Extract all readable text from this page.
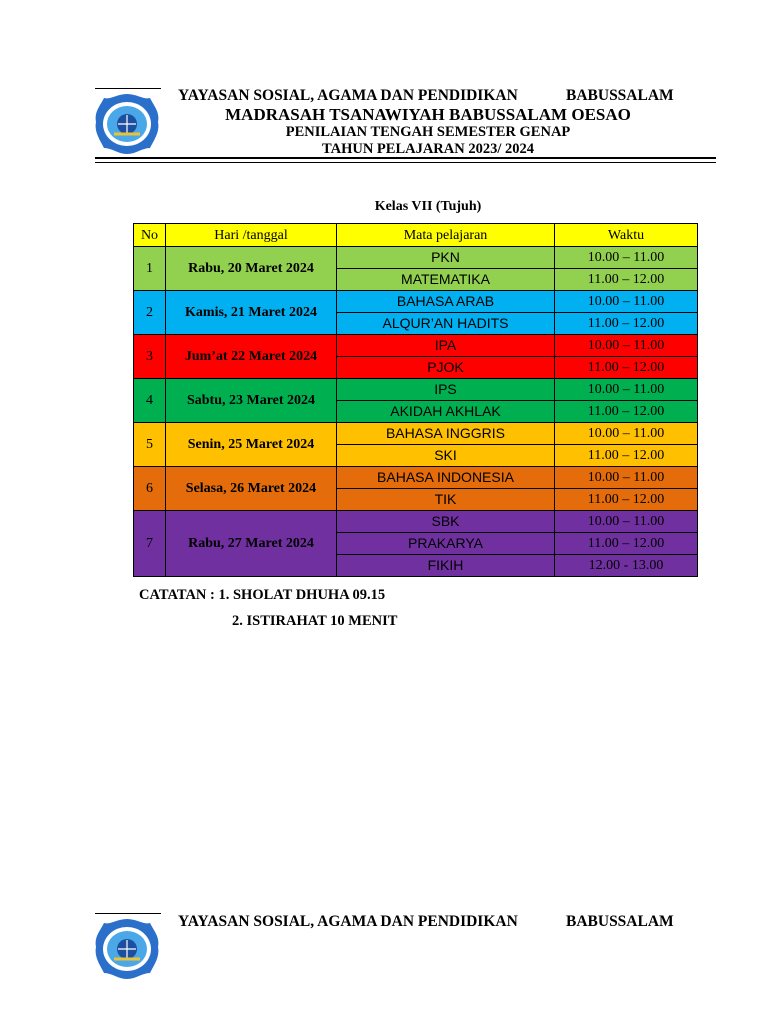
YAYASAN SOSIAL, AGAMA DAN PENDIDIKAN	BABUSSALAM
MADRASAH TSANAWIYAH BABUSSALAM OESAO
PENILAIAN TENGAH SEMESTER GENAP
TAHUN PELAJARAN 2023/ 2024
Kelas VII (Tujuh)
No	Hari /tanggal	Mata pelajaran	Waktu
1	Rabu, 20 Maret 2024	PKN	10.00 – 11.00
		MATEMATIKA	11.00 – 12.00
2	Kamis, 21 Maret 2024	BAHASA ARAB	10.00 – 11.00
		ALQUR’AN HADITS	11.00 – 12.00
3	Jum’at 22 Maret 2024	IPA	10.00 – 11.00
		PJOK	11.00 – 12.00
4	Sabtu, 23 Maret 2024	IPS	10.00 – 11.00
		AKIDAH AKHLAK	11.00 – 12.00
5	Senin, 25 Maret 2024	BAHASA INGGRIS	10.00 – 11.00
		SKI	11.00 – 12.00
6	Selasa, 26 Maret 2024	BAHASA INDONESIA	10.00 – 11.00
		TIK	11.00 – 12.00
7	Rabu, 27 Maret 2024	SBK	10.00 – 11.00
		PRAKARYA	11.00 – 12.00
		FIKIH	12.00 - 13.00
CATATAN : 1. SHOLAT DHUHA 09.15
2. ISTIRAHAT 10 MENIT
YAYASAN SOSIAL, AGAMA DAN PENDIDIKAN	BABUSSALAM
